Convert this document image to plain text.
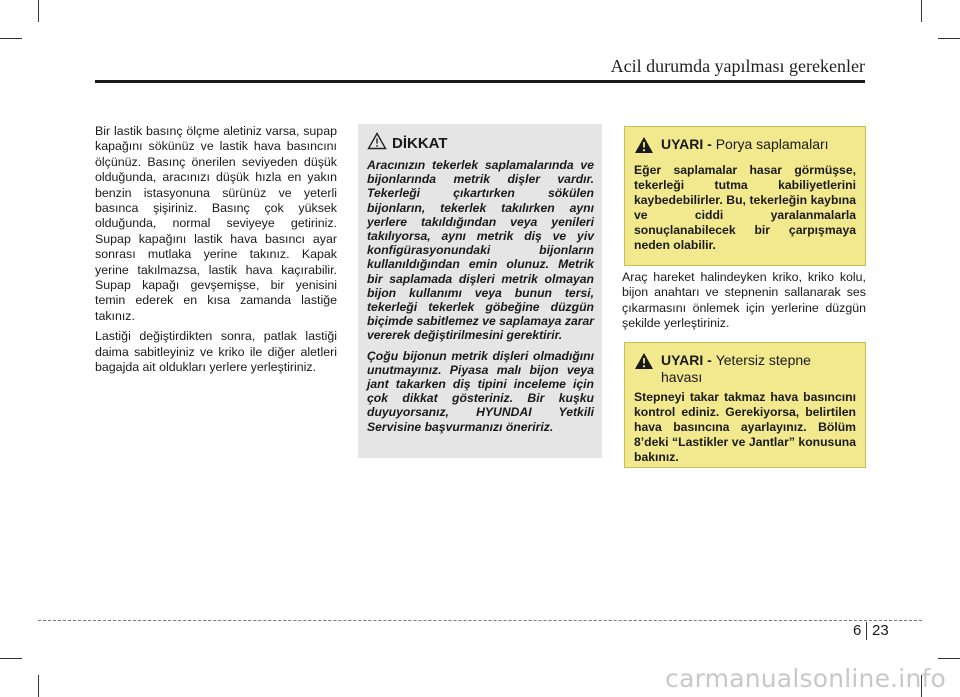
Acil durumda yapılması gerekenler

Bir lastik basınç ölçme aletiniz varsa, supap kapağını sökünüz ve lastik hava basıncını ölçünüz. Basınç önerilen seviyeden düşük olduğunda, aracınızı düşük hızla en yakın benzin istasyonuna sürünüz ve yeterli basınca şişiriniz. Basınç çok yüksek olduğunda, normal seviyeye getiriniz. Supap kapağını lastik hava basıncı ayar sonrası mutlaka yerine takınız. Kapak yerine takılmazsa, lastik hava kaçırabilir. Supap kapağı gevşemişse, bir yenisini temin ederek en kısa zamanda lastiğe takınız.

Lastiği değiştirdikten sonra, patlak lastiği daima sabitleyiniz ve kriko ile diğer aletleri bagajda ait oldukları yerlere yerleştiriniz.

DİKKAT

Aracınızın tekerlek saplamalarında ve bijonlarında metrik dişler vardır. Tekerleği çıkartırken sökülen bijonların, tekerlek takılırken aynı yerlere takıldığından veya yenileri takılıyorsa, aynı metrik diş ve yiv konfigürasyonundaki bijonların kullanıldığından emin olunuz. Metrik bir saplamada dişleri metrik olmayan bijon kullanımı veya bunun tersi, tekerleği tekerlek göbeğine düzgün biçimde sabitlemez ve saplamaya zarar vererek değiştirilmesini gerektirir.

Çoğu bijonun metrik dişleri olmadığını unutmayınız. Piyasa malı bijon veya jant takarken diş tipini inceleme için çok dikkat gösteriniz. Bir kuşku duyuyorsanız, HYUNDAI Yetkili Servisine başvurmanızı öneririz.

UYARI - Porya saplamaları

Eğer saplamalar hasar görmüşse, tekerleği tutma kabiliyetlerini kaybedebilirler. Bu, tekerleğin kaybına ve ciddi yaralanmalarla sonuçlanabilecek bir çarpışmaya neden olabilir.

Araç hareket halindeyken kriko, kriko kolu, bijon anahtarı ve stepnenin sallanarak ses çıkarmasını önlemek için yerlerine düzgün şekilde yerleştiriniz.
UYARI - Yetersiz stepne havası

Stepneyi takar takmaz hava basıncını kontrol ediniz. Gerekiyorsa, belirtilen hava basıncına ayarlayınız. Bölüm 8’deki “Lastikler ve Jantlar” konusuna bakınız.

6 23
carmanualsonline.info
